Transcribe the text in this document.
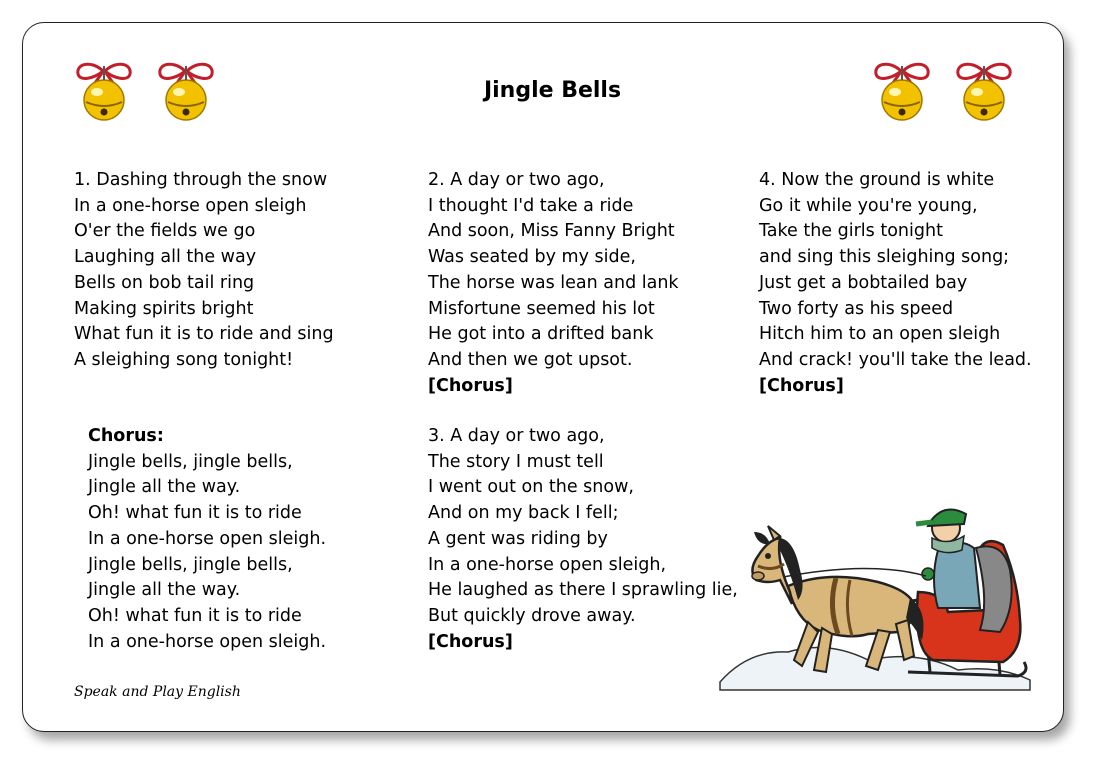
Jingle Bells
1. Dashing through the snow
In a one-horse open sleigh
O'er the fields we go
Laughing all the way
Bells on bob tail ring
Making spirits bright
What fun it is to ride and sing
A sleighing song tonight!
Chorus:
Jingle bells, jingle bells,
Jingle all the way.
Oh! what fun it is to ride
In a one-horse open sleigh.
Jingle bells, jingle bells,
Jingle all the way.
Oh! what fun it is to ride
In a one-horse open sleigh.
2. A day or two ago,
I thought I'd take a ride
And soon, Miss Fanny Bright
Was seated by my side,
The horse was lean and lank
Misfortune seemed his lot
He got into a drifted bank
And then we got upsot.
[Chorus]
3. A day or two ago,
The story I must tell
I went out on the snow,
And on my back I fell;
A gent was riding by
In a one-horse open sleigh,
He laughed as there I sprawling lie,
But quickly drove away.
[Chorus]
4. Now the ground is white
Go it while you're young,
Take the girls tonight
and sing this sleighing song;
Just get a bobtailed bay
Two forty as his speed
Hitch him to an open sleigh
And crack! you'll take the lead.
[Chorus]
Speak and Play English
